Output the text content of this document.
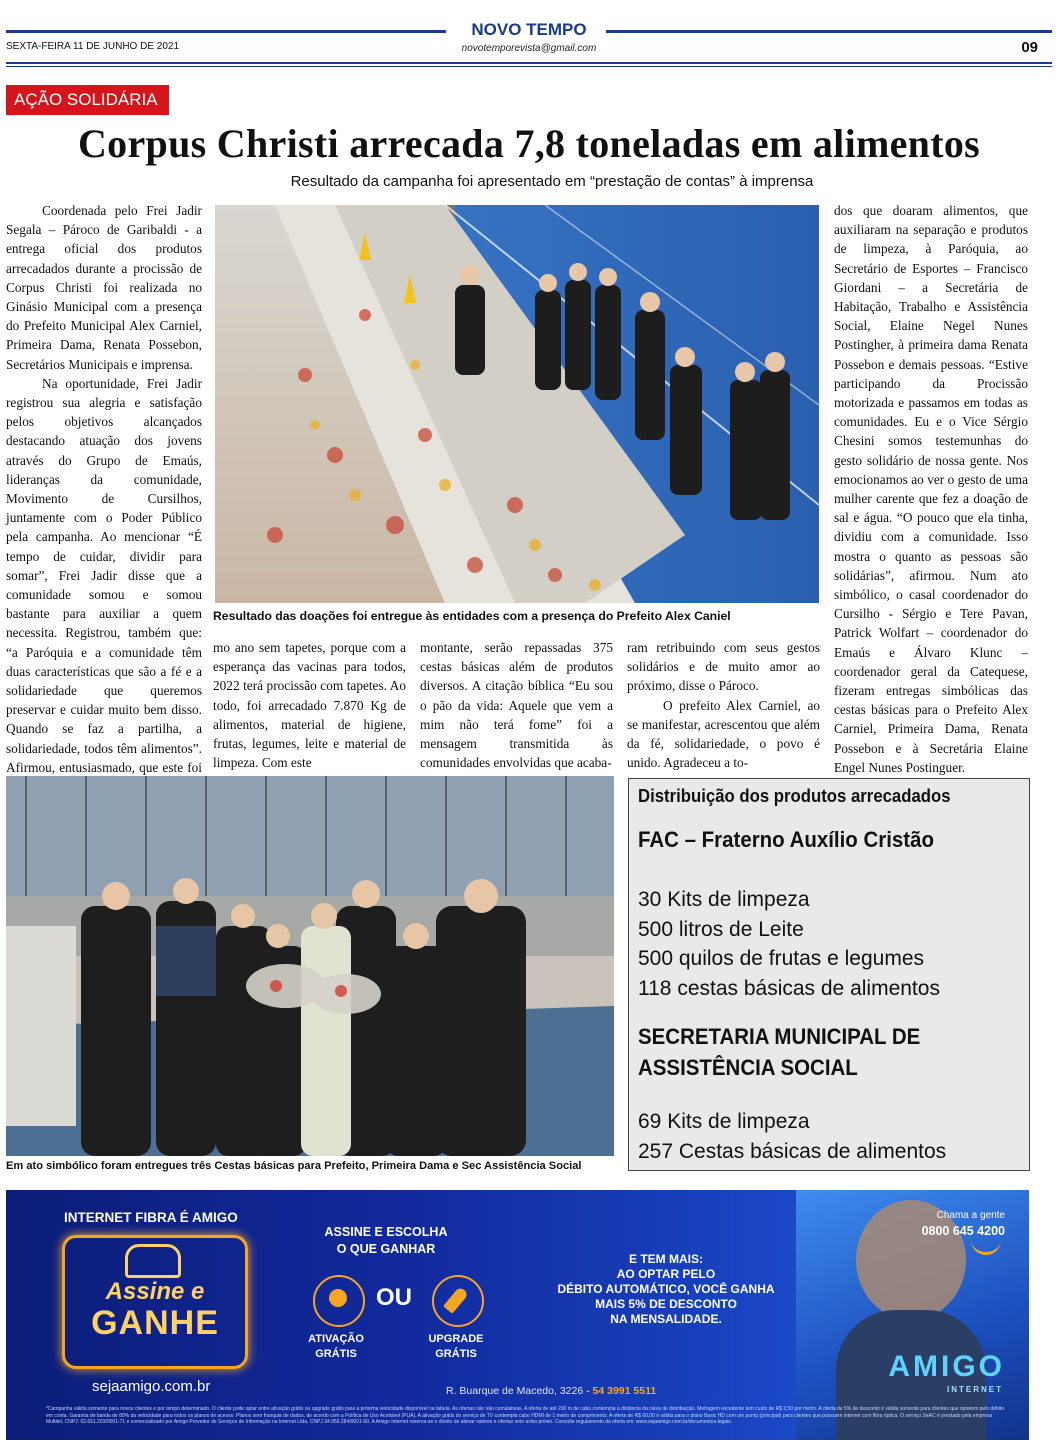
NOVO TEMPO
novotemporevista@gmail.com
SEXTA-FEIRA 11 DE JUNHO DE 2021	09
AÇÃO SOLIDÁRIA
Corpus Christi arrecada 7,8 toneladas em alimentos
Resultado da campanha foi apresentado em “prestação de contas” à imprensa

Coordenada pelo Frei Jadir Segala – Pároco de Garibaldi - a entrega oficial dos produtos arrecadados durante a procissão de Corpus Christi foi realizada no Ginásio Municipal com a presença do Prefeito Municipal Alex Carniel, Primeira Dama, Renata Possebon, Secretários Municipais e imprensa.

Na oportunidade, Frei Jadir registrou sua alegria e satisfação pelos objetivos alcançados destacando atuação dos jovens através do Grupo de Emaús, lideranças da comunidade, Movimento de Cursilhos, juntamente com o Poder Público pela campanha. Ao mencionar “É tempo de cuidar, dividir para somar”, Frei Jadir disse que a comunidade somou e somou bastante para auxiliar a quem necessita. Registrou, também que: “a Paróquia e a comunidade têm duas características que são a fé e a solidariedade que queremos preservar e cuidar muito bem disso. Quando se faz a partilha, a solidariedade, todos têm alimentos”. Afirmou, entusiasmado, que este foi

Resultado das doações foi entregue às entidades com a presença do Prefeito Alex Caniel

mo ano sem tapetes, porque com a esperança das vacinas para todos, 2022 terá procissão com tapetes. Ao todo, foi arrecadado 7.870 Kg de alimentos, material de higiene, frutas, legumes, leite e material de limpeza. Com este

montante, serão repassadas 375 cestas básicas além de produtos diversos. A citação bíblica “Eu sou o pão da vida: Aquele que vem a mim não terá fome” foi a mensagem transmitida às comunidades envolvidas que acaba-

ram retribuindo com seus gestos solidários e de muito amor ao próximo, disse o Pároco.

O prefeito Alex Carniel, ao se manifestar, acrescentou que além da fé, solidariedade, o povo é unido. Agradeceu a to-

dos que doaram alimentos, que auxiliaram na separação e produtos de limpeza, à Paróquia, ao Secretário de Esportes – Francisco Giordani – a Secretária de Habitação, Trabalho e Assistência Social, Elaine Negel Nunes Postingher, à primeira dama Renata Possebon e demais pessoas. “Estive participando da Procissão motorizada e passamos em todas as comunidades. Eu e o Vice Sérgio Chesini somos testemunhas do gesto solidário de nossa gente. Nos emocionamos ao ver o gesto de uma mulher carente que fez a doação de sal e água. “O pouco que ela tinha, dividiu com a comunidade. Isso mostra o quanto as pessoas são solidárias”, afirmou. Num ato simbólico, o casal coordenador do Cursilho - Sérgio e Tere Pavan, Patrick Wolfart – coordenador do Emaús e Álvaro Klunc – coordenador geral da Catequese, fizeram entregas simbólicas das cestas básicas para o Prefeito Alex Carniel, Primeira Dama, Renata Possebon e à Secretária Elaine Engel Nunes Postinguer.

Em ato simbólico foram entregues três Cestas básicas para Prefeito, Primeira Dama e Sec Assistência Social
Distribuição dos produtos arrecadados
FAC – Fraterno Auxílio Cristão
30 Kits de limpeza
500 litros de Leite
500 quilos de frutas e legumes
118 cestas básicas de alimentos
SECRETARIA MUNICIPAL DE
ASSISTÊNCIA SOCIAL
69 Kits de limpeza
257 Cestas básicas de alimentos
INTERNET FIBRA É AMIGO
Assine e
GANHE
sejaamigo.com.br
ASSINE E ESCOLHA
O QUE GANHAR
OU
ATIVAÇÃO
GRÁTIS
UPGRADE
GRÁTIS
E TEM MAIS:
AO OPTAR PELO
DÉBITO AUTOMÁTICO, VOCÊ GANHA
MAIS 5% DE DESCONTO
NA MENSALIDADE.
Chama a gente
0800 645 4200
AMIGO
INTERNET
R. Buarque de Macedo, 3226 - 54 3991 5511
*Campanha válida somente para novos clientes e por tempo determinado. O cliente pode optar entre ativação grátis ou upgrade grátis para a próxima velocidade disponível na tabela. As ofertas não são cumulativas. A oferta de até 200 m de cabo contempla a distância da caixa de distribuição. Metragem excedente tem custo de R$ 2,50 por metro. A oferta de 5% de desconto é válida somente para clientes que optarem pelo débito em conta. Garantia de banda de 80% da velocidade para todos os planos de acesso. Planos sem franquia de dados, de acordo com a Política de Uso Aceitável (PUA). A ativação grátis do serviço de TV contempla cabo HDMI de 1 metro de comprimento. A oferta de R$ 60,00 é válida para o plano Basic HD com um ponto (principal) para clientes que possuem internet com fibra óptica. O serviço SeAC é prestado pela empresa Multitel, CNPJ: 02.651.203/0001-71 e comercializado por Amigo Provedor de Serviços de Informação na Internet Ltda, CNPJ 34.956.284/0001-60. A Amigo Internet reserva-se o direito de alterar valores e ofertas sem aviso prévio. Consulte regulamento da oferta em: www.sejaamigo.com.br/documentos-legais.
